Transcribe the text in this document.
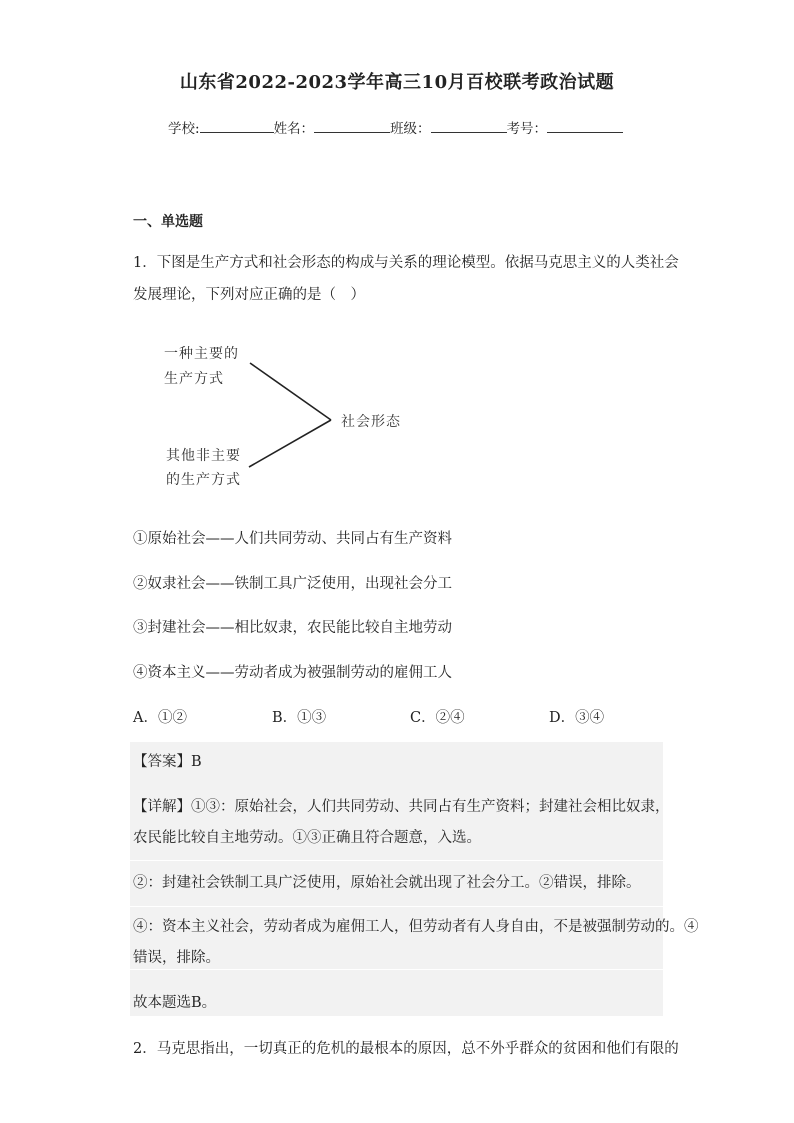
山东省2022-2023学年高三10月百校联考政治试题
学校:	姓名：	班级：	考号：
一、单选题
1．下图是生产方式和社会形态的构成与关系的理论模型。依据马克思主义的人类社会
发展理论，下列对应正确的是（　）
一种主要的
生产方式
其他非主要
的生产方式
社会形态
①原始社会——人们共同劳动、共同占有生产资料
②奴隶社会——铁制工具广泛使用，出现社会分工
③封建社会——相比奴隶，农民能比较自主地劳动
④资本主义——劳动者成为被强制劳动的雇佣工人
A．①②	B．①③	C．②④	D．③④
【答案】B
【详解】①③：原始社会，人们共同劳动、共同占有生产资料；封建社会相比奴隶，
农民能比较自主地劳动。①③正确且符合题意，入选。
②：封建社会铁制工具广泛使用，原始社会就出现了社会分工。②错误，排除。
④：资本主义社会，劳动者成为雇佣工人，但劳动者有人身自由，不是被强制劳动的。④
错误，排除。
故本题选B。
2．马克思指出，一切真正的危机的最根本的原因，总不外乎群众的贫困和他们有限的
